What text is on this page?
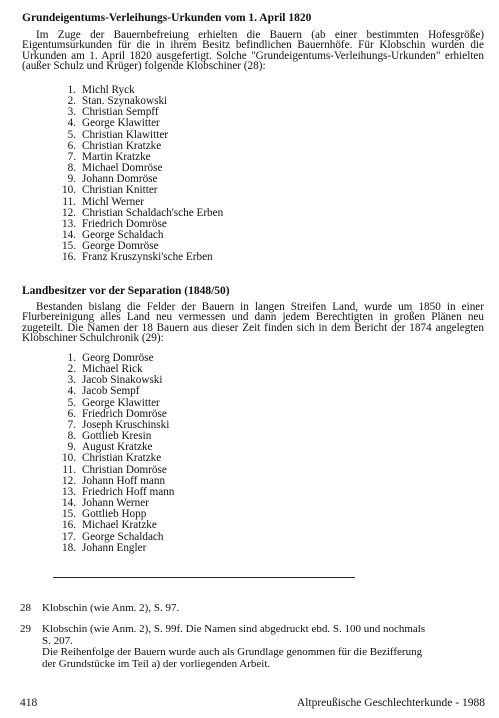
Grundeigentums-Verleihungs-Urkunden vom 1. April 1820
Im Zuge der Bauernbefreiung erhielten die Bauern (ab einer bestimmten Hofesgröße) Eigentumsurkunden für die in ihrem Besitz befindlichen Bauernhöfe. Für Klobschin wurden die Urkunden am 1. April 1820 ausgefertigt. Solche "Grundeigentums-Verleihungs-Urkunden" erhielten (außer Schulz und Krüger) folgende Klobschiner (28):
1. Michl Ryck
2. Stan. Szynakowski
3. Christian Sempff
4. George Klawitter
5. Christian Klawitter
6. Christian Kratzke
7. Martin Kratzke
8. Michael Domröse
9. Johann Domröse
10. Christian Knitter
11. Michl Werner
12. Christian Schaldach'sche Erben
13. Friedrich Domröse
14. George Schaldach
15. George Domröse
16. Franz Kruszynski'sche Erben
Landbesitzer vor der Separation (1848/50)
Bestanden bislang die Felder der Bauern in langen Streifen Land, wurde um 1850 in einer Flurbereinigung alles Land neu vermessen und dann jedem Berechtigten in großen Plänen neu zugeteilt. Die Namen der 18 Bauern aus dieser Zeit finden sich in dem Bericht der 1874 angelegten Klobschiner Schulchronik (29):
1. Georg Domröse
2. Michael Rick
3. Jacob Sinakowski
4. Jacob Sempf
5. George Klawitter
6. Friedrich Domröse
7. Joseph Kruschinski
8. Gottlieb Kresin
9. August Kratzke
10. Christian Kratzke
11. Christian Domröse
12. Johann Hoff mann
13. Friedrich Hoff mann
14. Johann Werner
15. Gottlieb Hopp
16. Michael Kratzke
17. George Schaldach
18. Johann Engler
28	Klobschin (wie Anm. 2), S. 97.
29	Klobschin (wie Anm. 2), S. 99f. Die Namen sind abgedruckt ebd. S. 100 und nochmals
S. 207.
Die Reihenfolge der Bauern wurde auch als Grundlage genommen für die Bezifferung
der Grundstücke im Teil a) der vorliegenden Arbeit.
418	Altpreußische Geschlechterkunde - 1988
